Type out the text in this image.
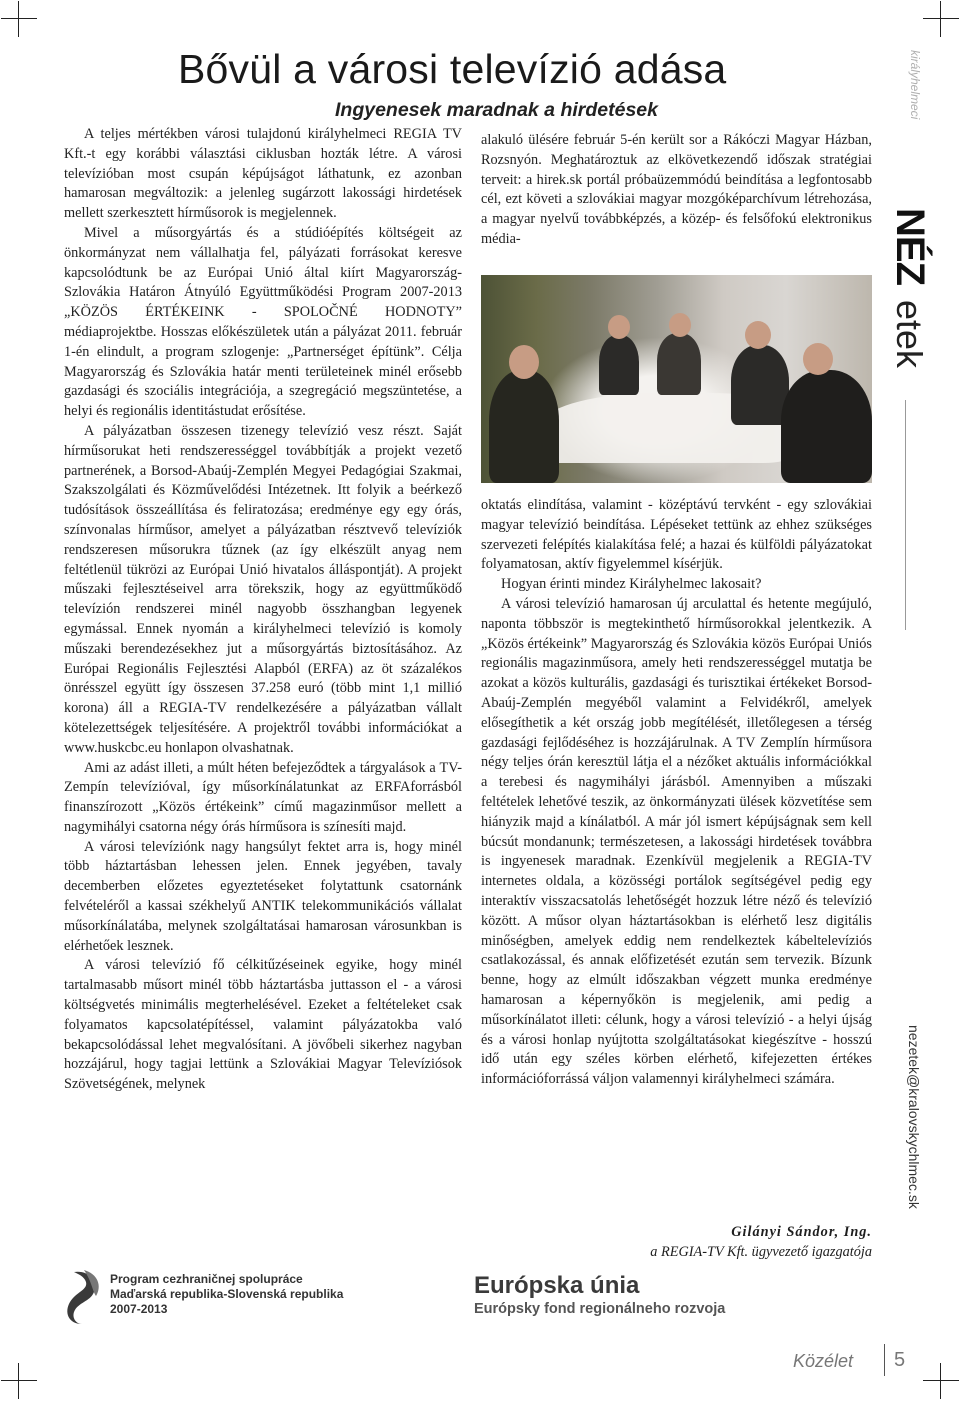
Bővül a városi televízió adása
Ingyenesek maradnak a hirdetések

A teljes mértékben városi tulajdonú királyhelmeci REGIA TV Kft.-t egy korábbi választási ciklusban hozták létre. A városi televízióban most csupán képújságot láthatunk, ez azonban hamarosan megváltozik: a jelenleg sugárzott lakossági hirdetések mellett szerkesztett hírműsorok is megjelennek.

Mivel a műsorgyártás és a stúdióépítés költségeit az önkormányzat nem vállalhatja fel, pályázati forrásokat keresve kapcsolódtunk be az Európai Unió által kiírt Magyarország-Szlovákia Határon Átnyúló Együttműködési Program 2007-2013 „KÖZÖS ÉRTÉKEINK - SPOLOČNÉ HODNOTY” médiaprojektbe. Hosszas előkészületek után a pályázat 2011. február 1-én elindult, a program szlogenje: „Partnerséget építünk”. Célja Magyarország és Szlovákia határ menti területeinek minél erősebb gazdasági és szociális integrációja, a szegregáció megszüntetése, a helyi és regionális identitástudat erősítése.

A pályázatban összesen tizenegy televízió vesz részt. Saját hírműsorukat heti rendszerességgel továbbítják a projekt vezető partnerének, a Borsod-Abaúj-Zemplén Megyei Pedagógiai Szakmai, Szakszolgálati és Közművelődési Intézetnek. Itt folyik a beérkező tudósítások összeállítása és feliratozása; eredménye egy egy órás, színvonalas hírműsor, amelyet a pályázatban résztvevő televíziók rendszeresen műsorukra tűznek (az így elkészült anyag nem feltétlenül tükrözi az Európai Unió hivatalos álláspontját). A projekt műszaki fejlesztéseivel arra törekszik, hogy az együttműködő televízión rendszerei minél nagyobb összhangban legyenek egymással. Ennek nyomán a királyhelmeci televízió is komoly műszaki berendezésekhez jut a műsorgyártás biztosításához. Az Európai Regionális Fejlesztési Alapból (ERFA) az öt százalékos önrésszel együtt így összesen 37.258 euró (több mint 1,1 millió korona) áll a REGIA-TV rendelkezésére a pályázatban vállalt kötelezettségek teljesítésére. A projektről további információkat a www.huskcbc.eu honlapon olvashatnak.

Ami az adást illeti, a múlt héten befejeződtek a tárgyalások a TV-Zempín televízióval, így műsorkínálatunkat az ERFAforrásból finanszírozott „Közös értékeink” című magazinműsor mellett a nagymihályi csatorna négy órás hírműsora is színesíti majd.

A városi televíziónk nagy hangsúlyt fektet arra is, hogy minél több háztartásban lehessen jelen. Ennek jegyében, tavaly decemberben előzetes egyeztetéseket folytattunk csatornánk felvételéről a kassai székhelyű ANTIK telekommunikációs vállalat műsorkínálatába, melynek szolgáltatásai hamarosan városunkban is elérhetőek lesznek.

A városi televízió fő célkitűzéseinek egyike, hogy minél tartalmasabb műsort minél több háztartásba juttasson el - a városi költségvetés minimális megterhelésével. Ezeket a feltételeket csak folyamatos kapcsolatépítéssel, valamint pályázatokba való bekapcsolódással lehet megvalósítani. A jövőbeli sikerhez nagyban hozzájárul, hogy tagjai lettünk a Szlovákiai Magyar Televíziósok Szövetségének, melynek

alakuló ülésére február 5-én került sor a Rákóczi Magyar Házban, Rozsnyón. Meghatároztuk az elkövetkezendő időszak stratégiai terveit: a hirek.sk portál próbaüzemmódú beindítása a legfontosabb cél, ezt követi a szlovákiai magyar mozgóképarchívum létrehozása, a magyar nyelvű továbbképzés, a közép- és felsőfokú elektronikus média-

oktatás elindítása, valamint - középtávú tervként - egy szlovákiai magyar televízió beindítása. Lépéseket tettünk az ehhez szükséges szervezeti felépítés kialakítása felé; a hazai és külföldi pályázatokat folyamatosan, aktív figyelemmel kísérjük.

Hogyan érinti mindez Királyhelmec lakosait?

A városi televízió hamarosan új arculattal és hetente megújuló, naponta többször is megtekinthető hírműsorokkal jelentkezik. A „Közös értékeink” Magyarország és Szlovákia közös Európai Uniós regionális magazinműsora, amely heti rendszerességgel mutatja be azokat a közös kulturális, gazdasági és turisztikai értékeket Borsod-Abaúj-Zemplén megyéből valamint a Felvidékről, amelyek elősegíthetik a két ország jobb megítélését, illetőlegesen a térség gazdasági fejlődéséhez is hozzájárulnak. A TV Zemplín hírműsora négy teljes órán keresztül látja el a nézőket aktuális információkkal a terebesi és nagymihályi járásból. Amennyiben a műszaki feltételek lehetővé teszik, az önkormányzati ülések közvetítése sem hiányzik majd a kínálatból. A már jól ismert képújságnak sem kell búcsút mondanunk; természetesen, a lakossági hirdetések továbbra is ingyenesek maradnak. Ezenkívül megjelenik a REGIA-TV internetes oldala, a közösségi portálok segítségével pedig egy interaktív visszacsatolás lehetőségét hozzuk létre néző és televízió között. A műsor olyan háztartásokban is elérhető lesz digitális minőségben, amelyek eddig nem rendelkeztek kábeltelevíziós csatlakozással, és annak előfizetését ezután sem tervezik. Bízunk benne, hogy az elmúlt időszakban végzett munka eredménye hamarosan a képernyőkön is megjelenik, ami pedig a műsorkínálatot illeti: célunk, hogy a városi televízió - a helyi újság és a városi honlap nyújtotta szolgáltatásokat kiegészítve - hosszú idő után egy széles körben elérhető, kifejezetten értékes információforrássá váljon valamennyi királyhelmeci számára.

Gilányi Sándor, Ing.
a REGIA-TV Kft. ügyvezető igazgatója
Program cezhraničnej spolupráce
Maďarská republika-Slovenská republika
2007-2013
Európska únia
Európsky fond regionálneho rozvoja
királyhelmeci
NÉZ
etek
nezetek@kralovskychlmec.sk
Közélet 5
